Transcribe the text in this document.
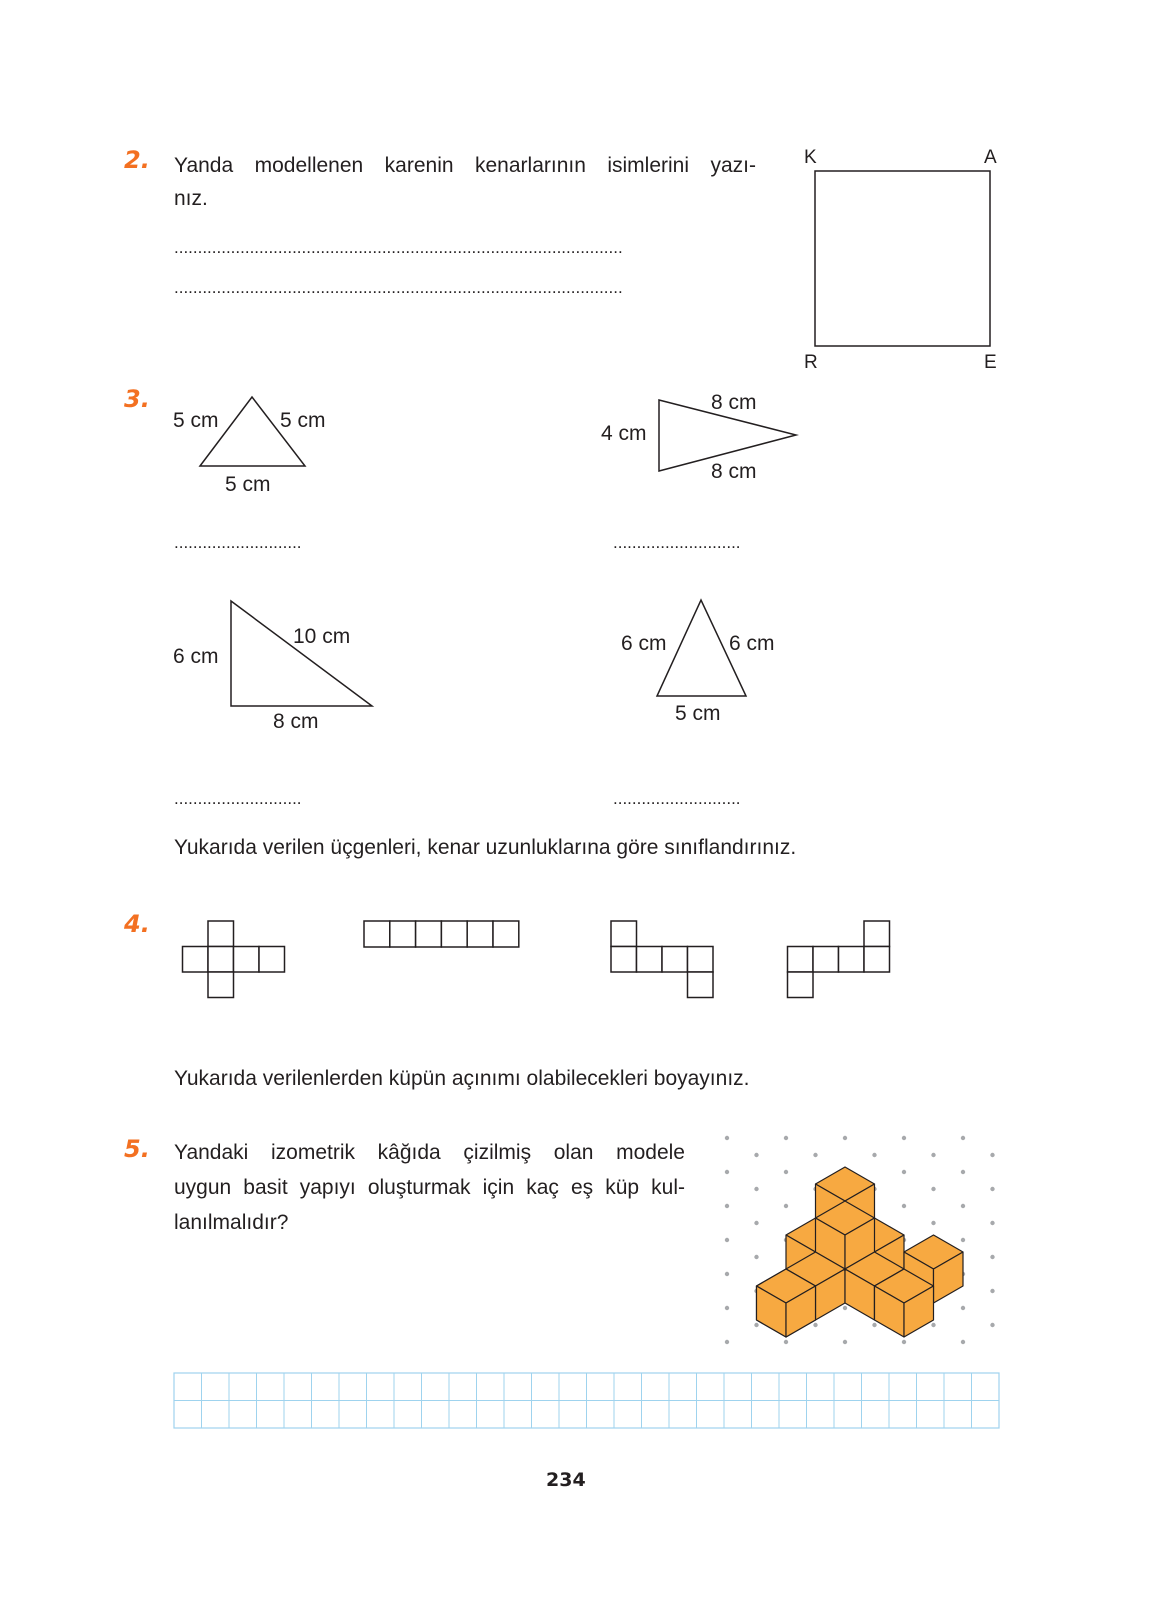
2. Yanda modellenen karenin kenarlarının isimlerini yazı-
nız.
...............................................................................................
...............................................................................................
K	A
R	E
3.
5 cm	5 cm
5 cm
...........................
8 cm
4 cm
8 cm
...........................
6 cm
10 cm
8 cm
...........................
6 cm	6 cm
5 cm
...........................
Yukarıda verilen üçgenleri, kenar uzunluklarına göre sınıflandırınız.
4.
Yukarıda verilenlerden küpün açınımı olabilecekleri boyayınız.
5. Yandaki izometrik kâğıda çizilmiş olan modele
uygun basit yapıyı oluşturmak için kaç eş küp kul-
lanılmalıdır?
234
